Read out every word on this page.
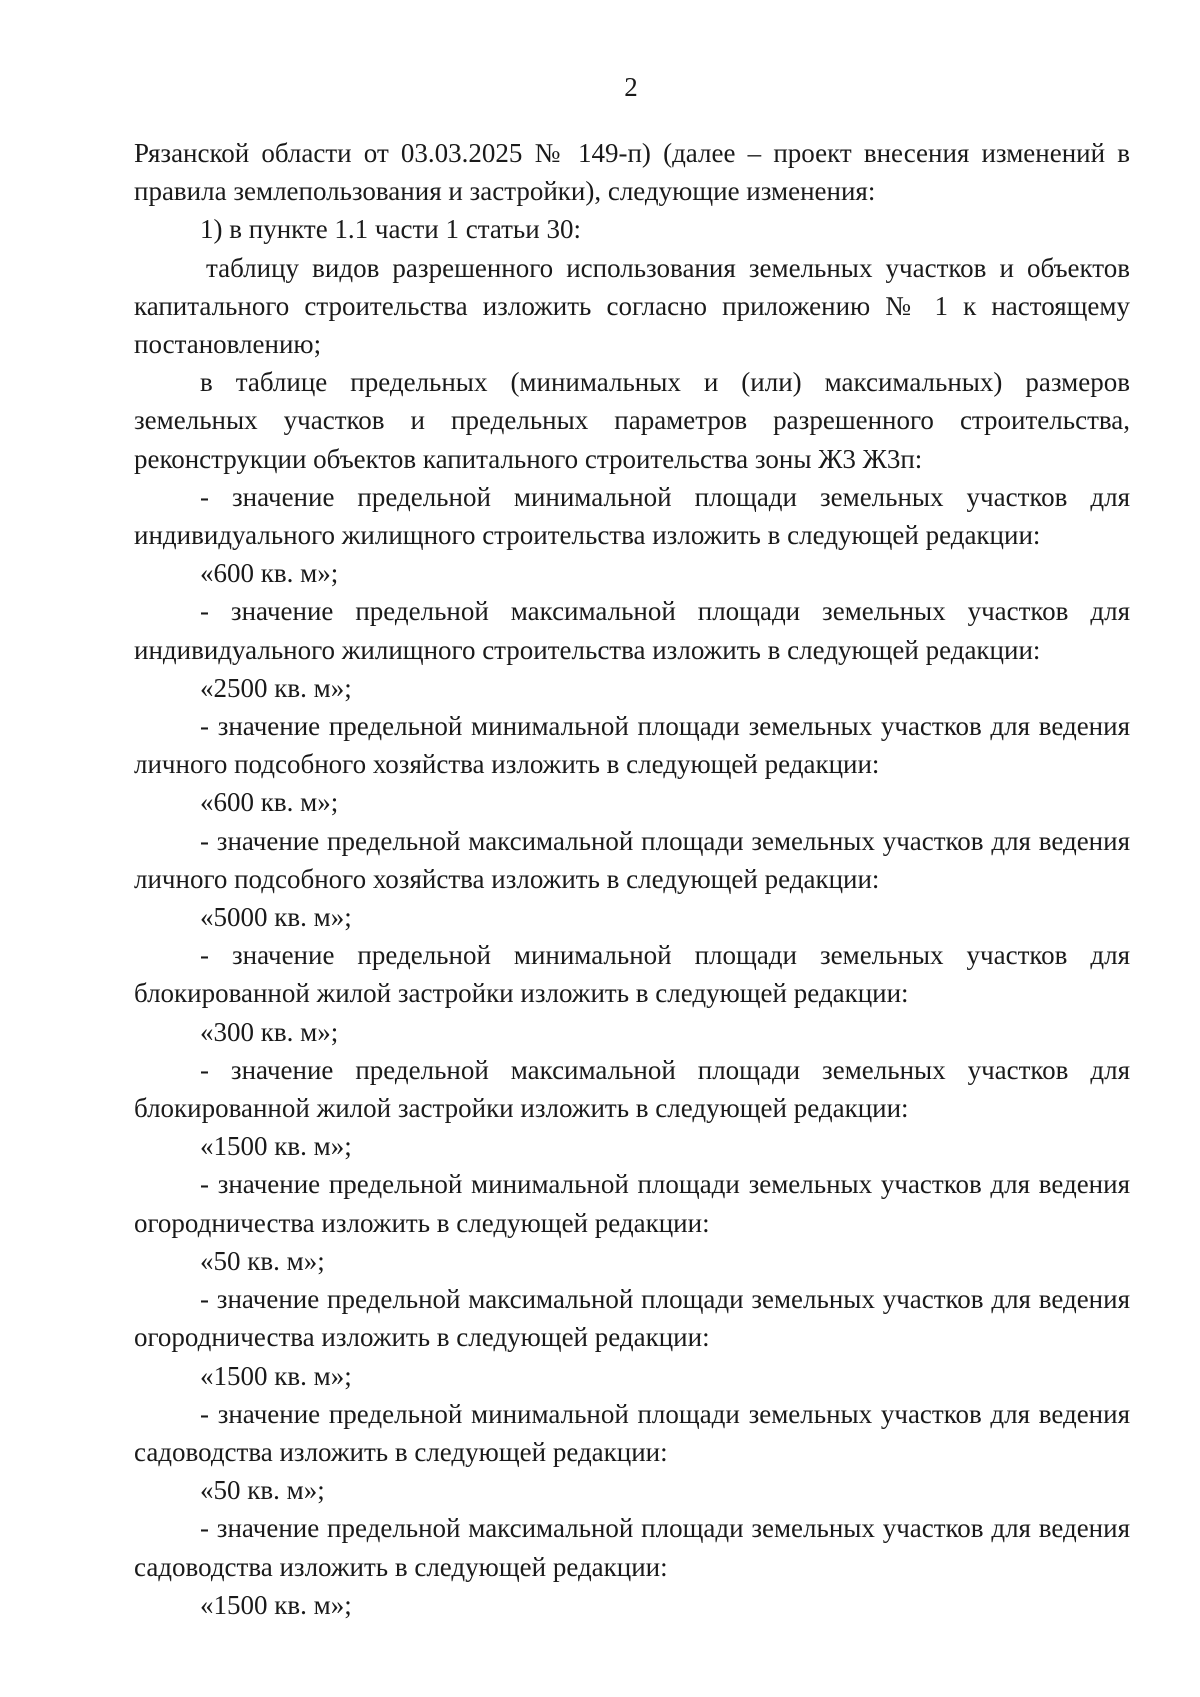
2

Рязанской области от 03.03.2025 № 149-п) (далее – проект внесения изменений в правила землепользования и застройки), следующие изменения:

1) в пункте 1.1 части 1 статьи 30:

таблицу видов разрешенного использования земельных участков и объектов капитального строительства изложить согласно приложению № 1 к настоящему постановлению;

в таблице предельных (минимальных и (или) максимальных) размеров земельных участков и предельных параметров разрешенного строительства, реконструкции объектов капитального строительства зоны Ж3 Ж3п:

- значение предельной минимальной площади земельных участков для индивидуального жилищного строительства изложить в следующей редакции:

«600 кв. м»;

- значение предельной максимальной площади земельных участков для индивидуального жилищного строительства изложить в следующей редакции:

«2500 кв. м»;

- значение предельной минимальной площади земельных участков для ведения личного подсобного хозяйства изложить в следующей редакции:

«600 кв. м»;

- значение предельной максимальной площади земельных участков для ведения личного подсобного хозяйства изложить в следующей редакции:

«5000 кв. м»;

- значение предельной минимальной площади земельных участков для блокированной жилой застройки изложить в следующей редакции:

«300 кв. м»;

- значение предельной максимальной площади земельных участков для блокированной жилой застройки изложить в следующей редакции:

«1500 кв. м»;

- значение предельной минимальной площади земельных участков для ведения огородничества изложить в следующей редакции:

«50 кв. м»;

- значение предельной максимальной площади земельных участков для ведения огородничества изложить в следующей редакции:

«1500 кв. м»;

- значение предельной минимальной площади земельных участков для ведения садоводства изложить в следующей редакции:

«50 кв. м»;

- значение предельной максимальной площади земельных участков для ведения садоводства изложить в следующей редакции:

«1500 кв. м»;
